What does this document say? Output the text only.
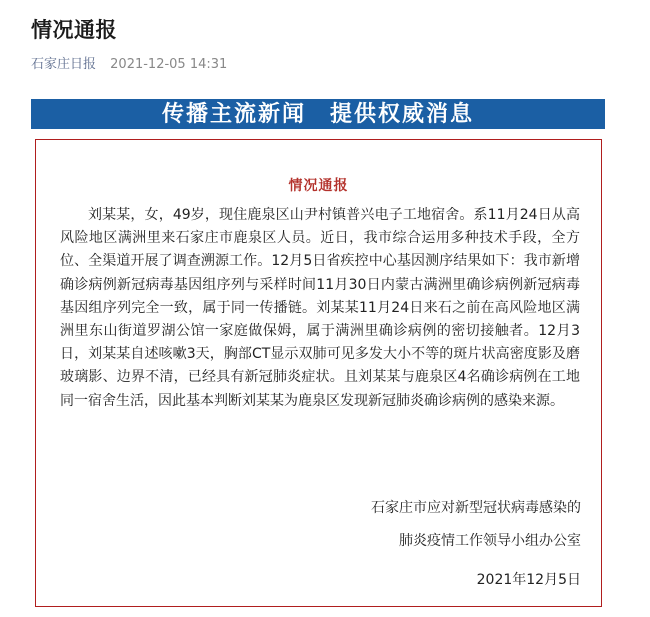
情况通报
石家庄日报 2021-12-05 14:31
传播主流新闻 提供权威消息
情况通报

刘某某，女，49岁，现住鹿泉区山尹村镇普兴电子工地宿舍。系11月24日从高风险地区满洲里来石家庄市鹿泉区人员。近日，我市综合运用多种技术手段，全方位、全渠道开展了调查溯源工作。12月5日省疾控中心基因测序结果如下：我市新增确诊病例新冠病毒基因组序列与采样时间11月30日内蒙古满洲里确诊病例新冠病毒基因组序列完全一致，属于同一传播链。刘某某11月24日来石之前在高风险地区满洲里东山街道罗湖公馆一家庭做保姆，属于满洲里确诊病例的密切接触者。12月3日，刘某某自述咳嗽3天，胸部CT显示双肺可见多发大小不等的斑片状高密度影及磨玻璃影、边界不清，已经具有新冠肺炎症状。且刘某某与鹿泉区4名确诊病例在工地同一宿舍生活，因此基本判断刘某某为鹿泉区发现新冠肺炎确诊病例的感染来源。

石家庄市应对新型冠状病毒感染的
肺炎疫情工作领导小组办公室
2021年12月5日
